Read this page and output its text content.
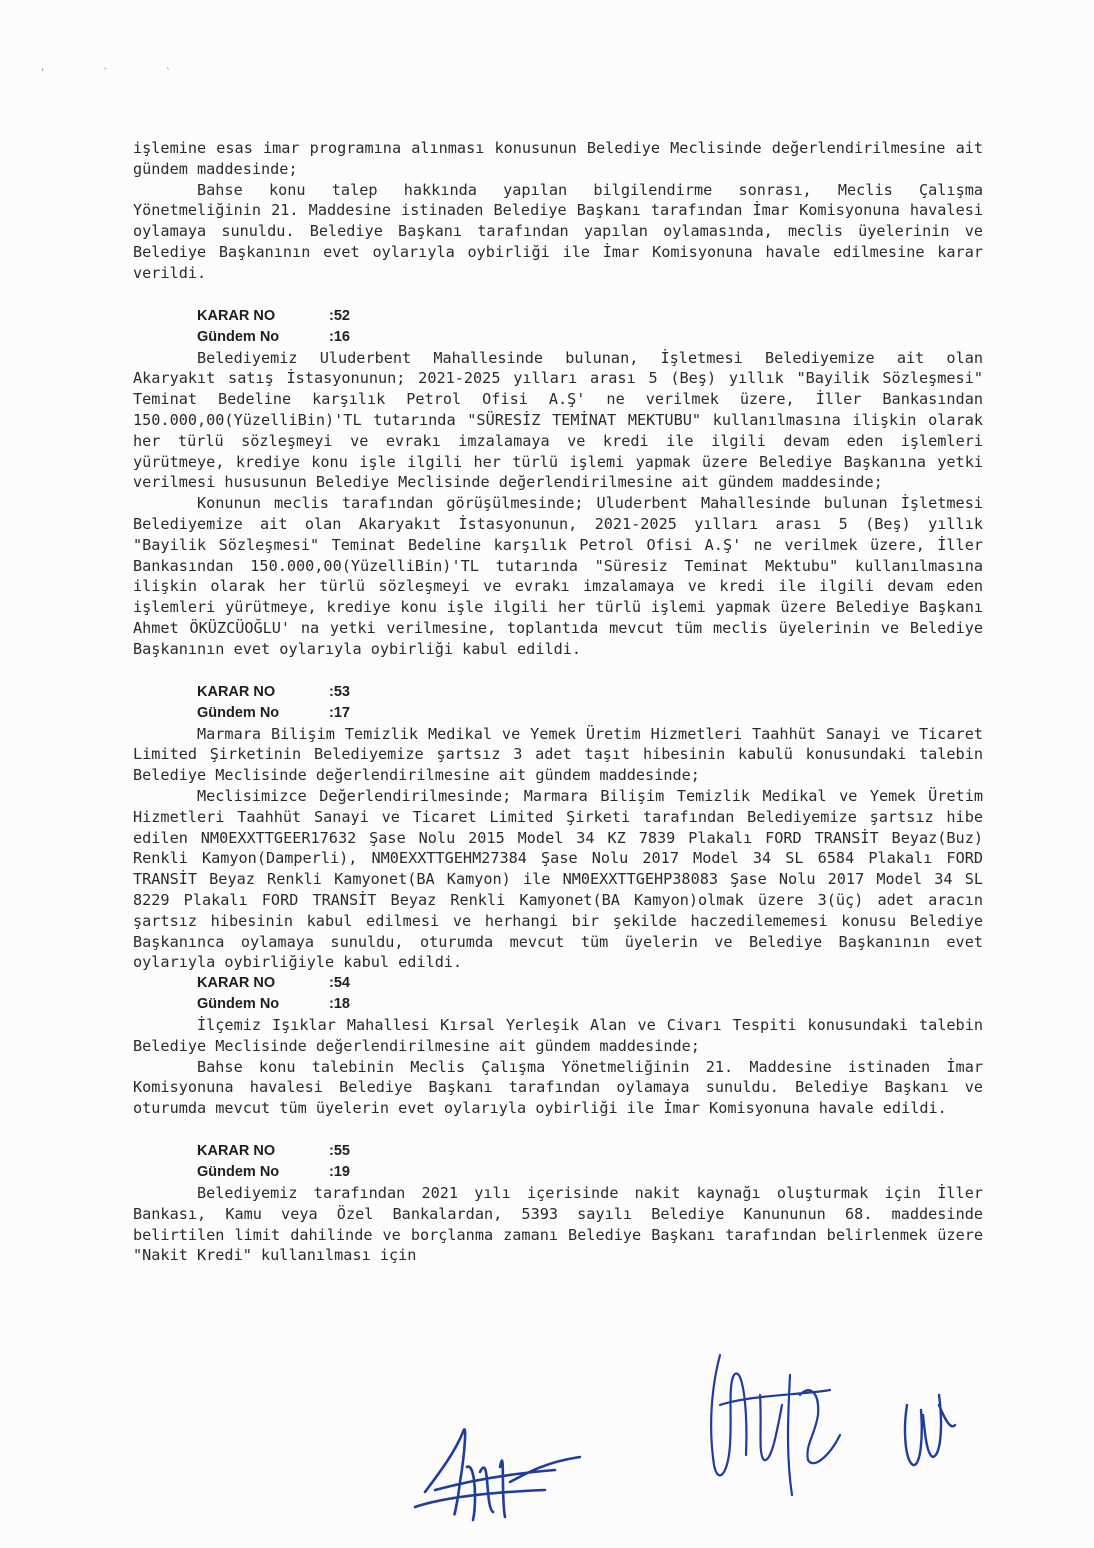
' ` `

işlemine esas imar programına alınması konusunun Belediye Meclisinde değerlendirilmesine ait gündem maddesinde;

Bahse konu talep hakkında yapılan bilgilendirme sonrası, Meclis Çalışma Yönetmeliğinin 21. Maddesine istinaden Belediye Başkanı tarafından İmar Komisyonuna havalesi oylamaya sunuldu. Belediye Başkanı tarafından yapılan oylamasında, meclis üyelerinin ve Belediye Başkanının evet oylarıyla oybirliği ile İmar Komisyonuna havale edilmesine karar verildi.

KARAR NO	:52
Gündem No	:16

Belediyemiz Uluderbent Mahallesinde bulunan, İşletmesi Belediyemize ait olan Akaryakıt satış İstasyonunun; 2021-2025 yılları arası 5 (Beş) yıllık "Bayilik Sözleşmesi" Teminat Bedeline karşılık Petrol Ofisi A.Ş' ne verilmek üzere, İller Bankasından 150.000,00(YüzelliBin)'TL tutarında "SÜRESİZ TEMİNAT MEKTUBU" kullanılmasına ilişkin olarak her türlü sözleşmeyi ve evrakı imzalamaya ve kredi ile ilgili devam eden işlemleri yürütmeye, krediye konu işle ilgili her türlü işlemi yapmak üzere Belediye Başkanına yetki verilmesi hususunun Belediye Meclisinde değerlendirilmesine ait gündem maddesinde;

Konunun meclis tarafından görüşülmesinde; Uluderbent Mahallesinde bulunan İşletmesi Belediyemize ait olan Akaryakıt İstasyonunun, 2021-2025 yılları arası 5 (Beş) yıllık "Bayilik Sözleşmesi" Teminat Bedeline karşılık Petrol Ofisi A.Ş' ne verilmek üzere, İller Bankasından 150.000,00(YüzelliBin)'TL tutarında "Süresiz Teminat Mektubu" kullanılmasına ilişkin olarak her türlü sözleşmeyi ve evrakı imzalamaya ve kredi ile ilgili devam eden işlemleri yürütmeye, krediye konu işle ilgili her türlü işlemi yapmak üzere Belediye Başkanı Ahmet ÖKÜZCÜOĞLU' na yetki verilmesine, toplantıda mevcut tüm meclis üyelerinin ve Belediye Başkanının evet oylarıyla oybirliği kabul edildi.

KARAR NO	:53
Gündem No	:17

Marmara Bilişim Temizlik Medikal ve Yemek Üretim Hizmetleri Taahhüt Sanayi ve Ticaret Limited Şirketinin Belediyemize şartsız 3 adet taşıt hibesinin kabulü konusundaki talebin Belediye Meclisinde değerlendirilmesine ait gündem maddesinde;

Meclisimizce Değerlendirilmesinde; Marmara Bilişim Temizlik Medikal ve Yemek Üretim Hizmetleri Taahhüt Sanayi ve Ticaret Limited Şirketi tarafından Belediyemize şartsız hibe edilen NM0EXXTTGEER17632 Şase Nolu 2015 Model 34 KZ 7839 Plakalı FORD TRANSİT Beyaz(Buz) Renkli Kamyon(Damperli), NM0EXXTTGEHM27384 Şase Nolu 2017 Model 34 SL 6584 Plakalı FORD TRANSİT Beyaz Renkli Kamyonet(BA Kamyon) ile NM0EXXTTGEHP38083 Şase Nolu 2017 Model 34 SL 8229 Plakalı FORD TRANSİT Beyaz Renkli Kamyonet(BA Kamyon)olmak üzere 3(üç) adet aracın şartsız hibesinin kabul edilmesi ve herhangi bir şekilde haczedilememesi konusu Belediye Başkanınca oylamaya sunuldu, oturumda mevcut tüm üyelerin ve Belediye Başkanının evet oylarıyla oybirliğiyle kabul edildi.

KARAR NO	:54
Gündem No	:18

İlçemiz Işıklar Mahallesi Kırsal Yerleşik Alan ve Civarı Tespiti konusundaki talebin Belediye Meclisinde değerlendirilmesine ait gündem maddesinde;

Bahse konu talebinin Meclis Çalışma Yönetmeliğinin 21. Maddesine istinaden İmar Komisyonuna havalesi Belediye Başkanı tarafından oylamaya sunuldu. Belediye Başkanı ve oturumda mevcut tüm üyelerin evet oylarıyla oybirliği ile İmar Komisyonuna havale edildi.

KARAR NO	:55
Gündem No	:19

Belediyemiz tarafından 2021 yılı içerisinde nakit kaynağı oluşturmak için İller Bankası, Kamu veya Özel Bankalardan, 5393 sayılı Belediye Kanununun 68. maddesinde belirtilen limit dahilinde ve borçlanma zamanı Belediye Başkanı tarafından belirlenmek üzere "Nakit Kredi" kullanılması için
